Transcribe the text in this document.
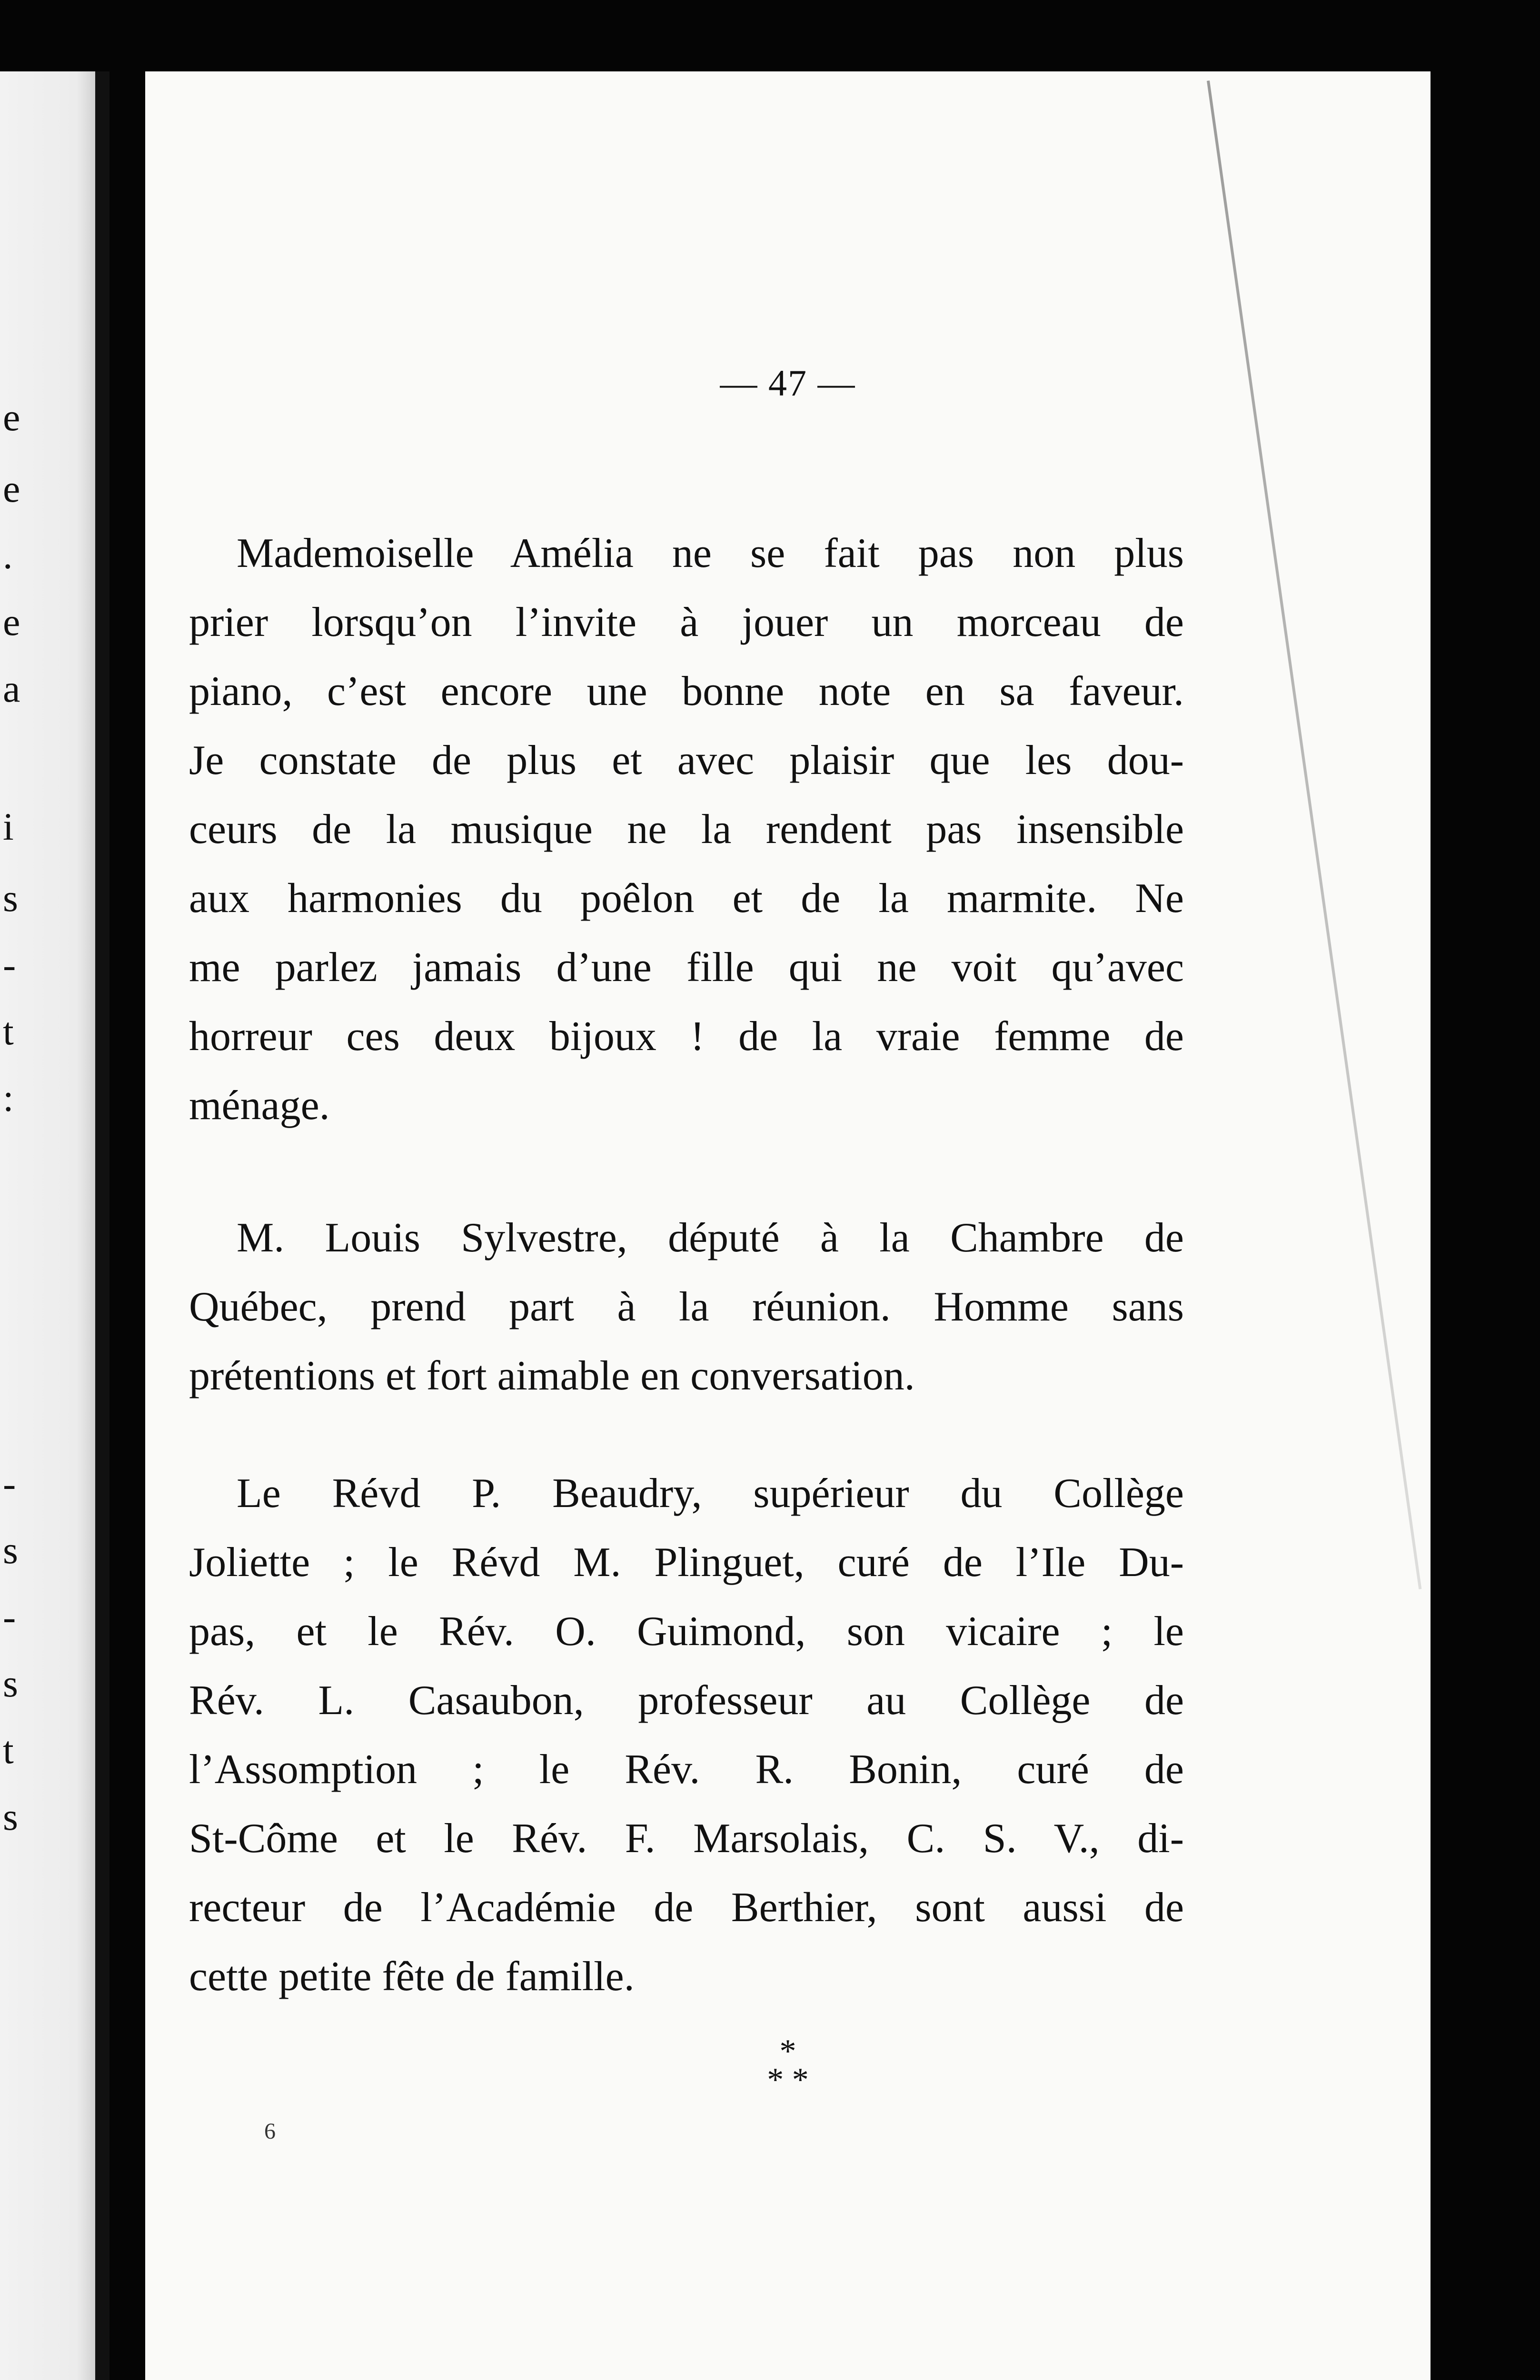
e
e
.
e
a
i
s
-
t
:
-
s
-
s
t
s
— 47 —
Mademoiselle Amélia ne se fait pas non plus
prier lorsqu’on l’invite à jouer un morceau de
piano, c’est encore une bonne note en sa faveur.
Je constate de plus et avec plaisir que les dou-
ceurs de la musique ne la rendent pas insensible
aux harmonies du poêlon et de la marmite. Ne
me parlez jamais d’une fille qui ne voit qu’avec
horreur ces deux bijoux ! de la vraie femme de
ménage.
M. Louis Sylvestre, député à la Chambre de
Québec, prend part à la réunion. Homme sans
prétentions et fort aimable en conversation.
Le Révd P. Beaudry, supérieur du Collège
Joliette ; le Révd M. Plinguet, curé de l’Ile Du-
pas, et le Rév. O. Guimond, son vicaire ; le
Rév. L. Casaubon, professeur au Collège de
l’Assomption ; le Rév. R. Bonin, curé de
St-Côme et le Rév. F. Marsolais, C. S. V., di-
recteur de l’Académie de Berthier, sont aussi de
cette petite fête de famille.
*
* *
6
